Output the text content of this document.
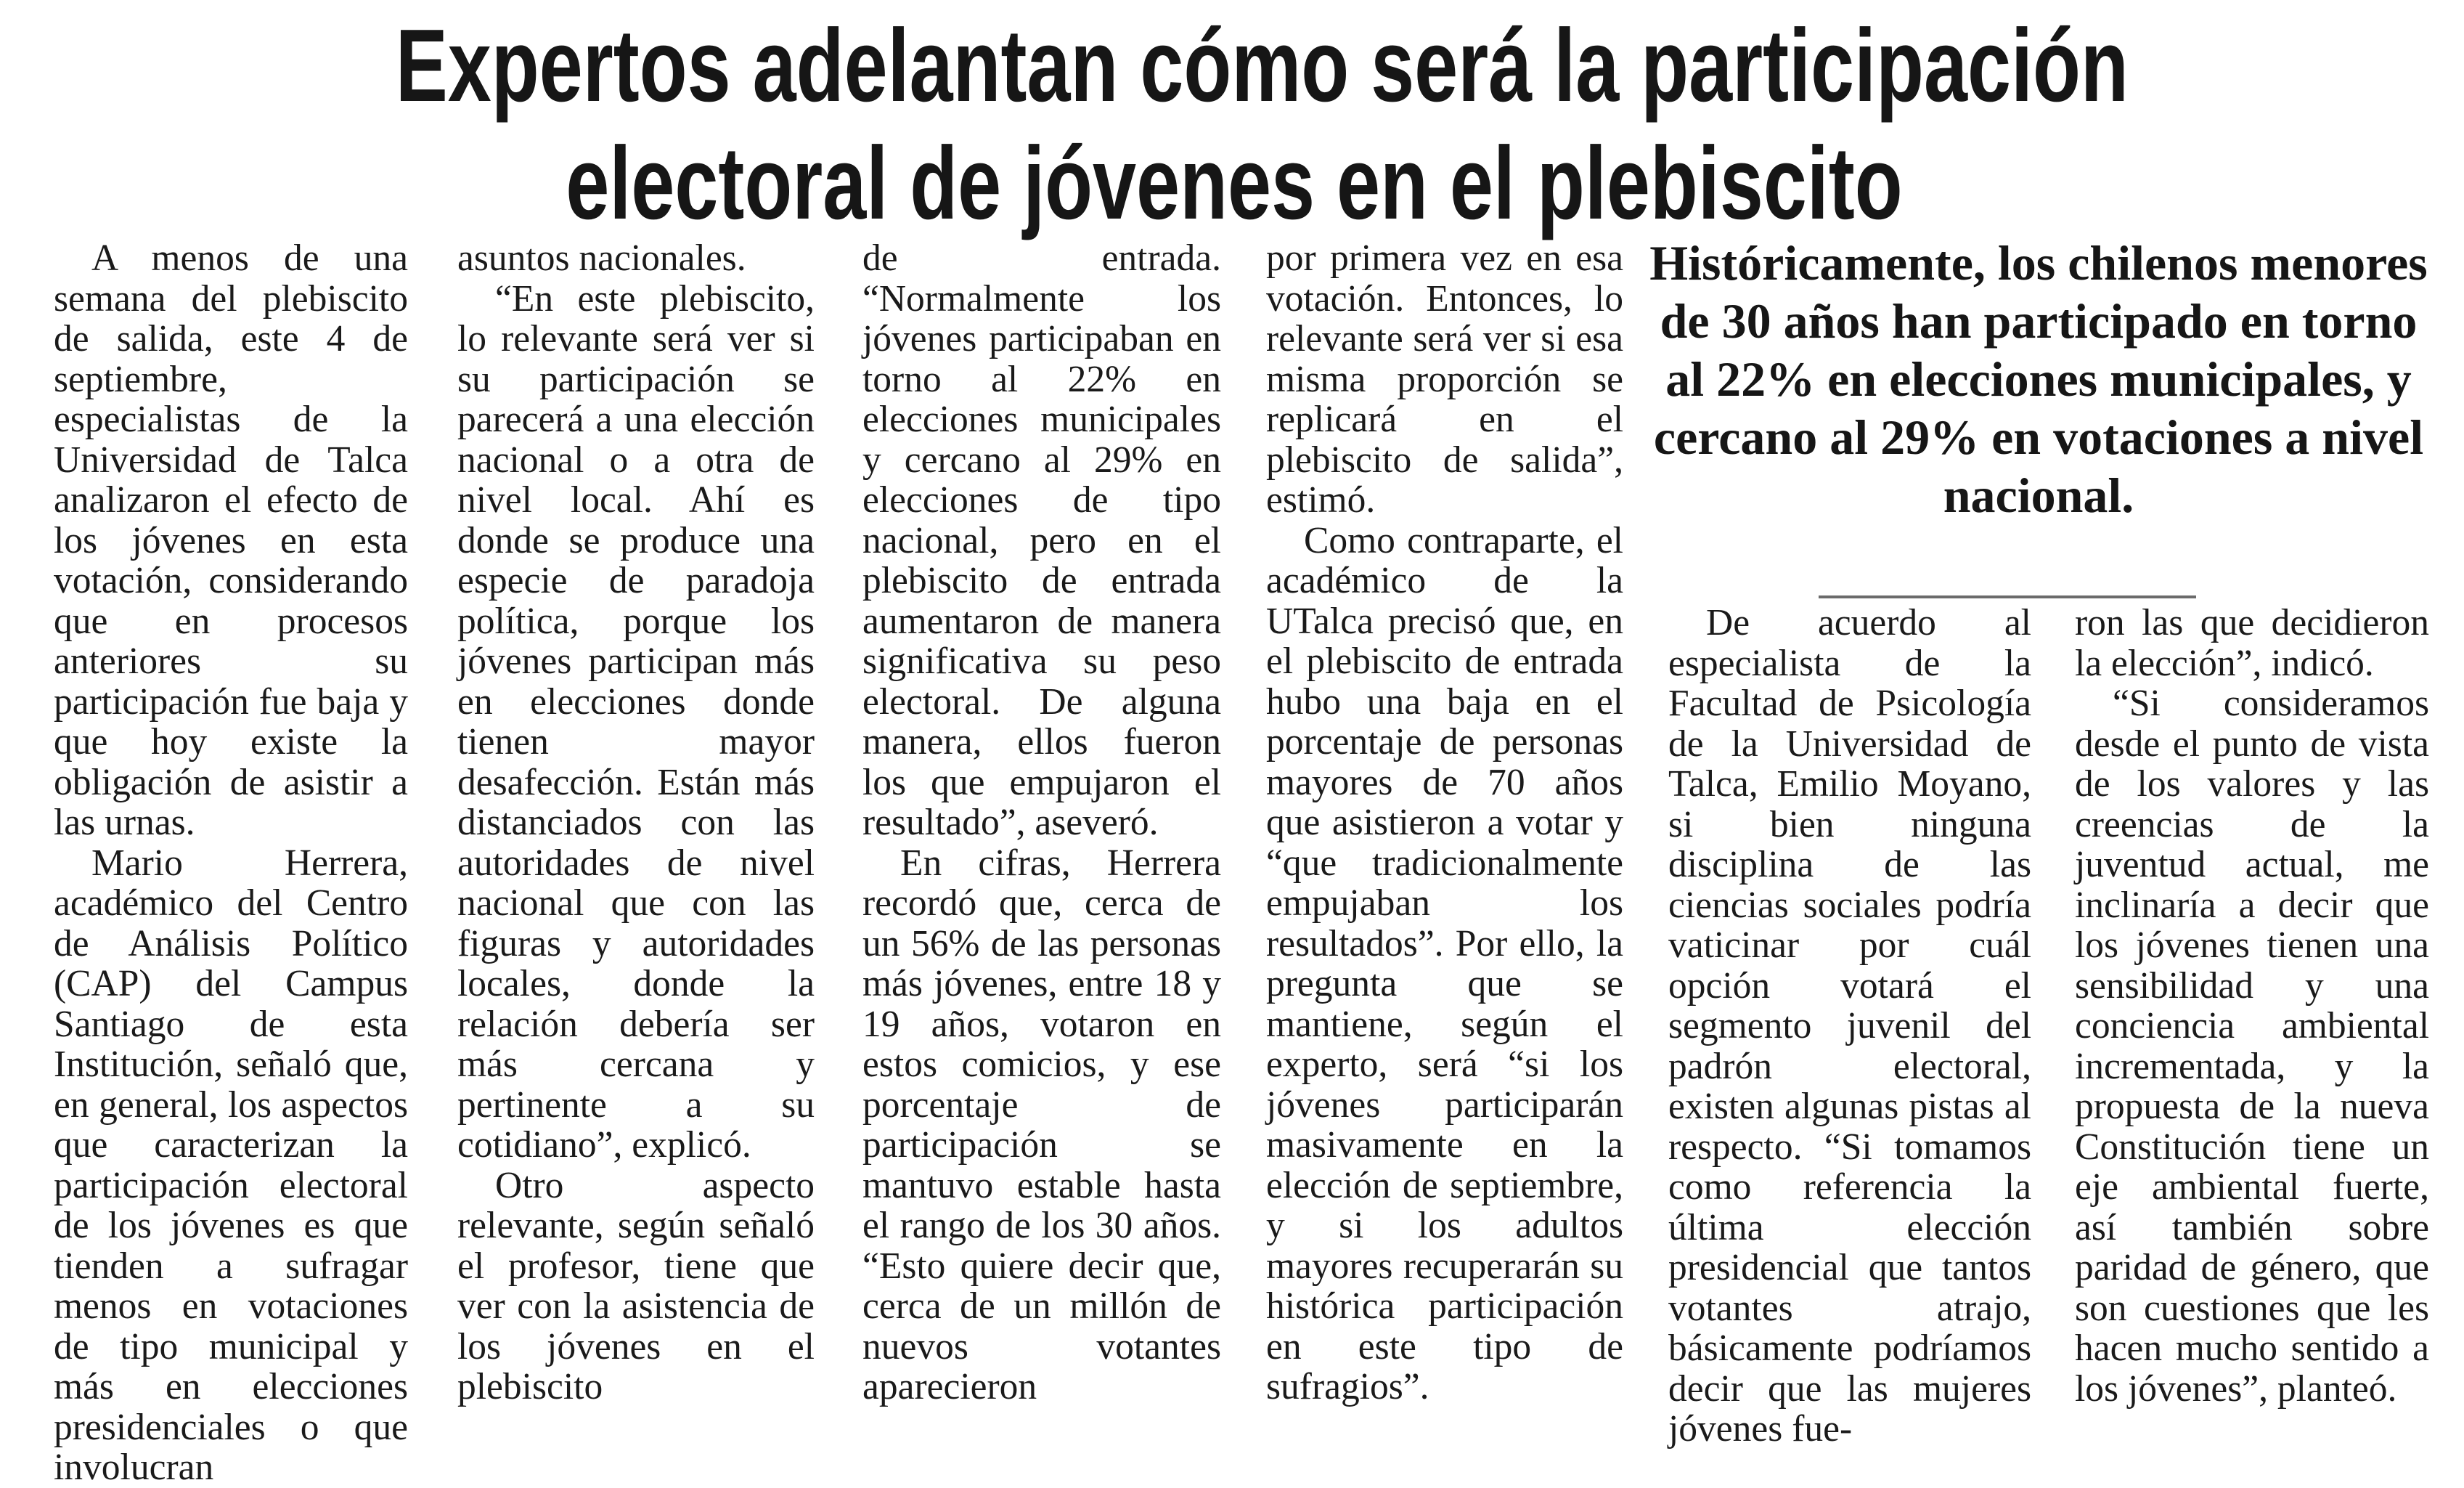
Expertos adelantan cómo será la participación
electoral de jóvenes en el plebiscito

A menos de una semana del plebiscito de salida, este 4 de septiembre, especialistas de la Universidad de Talca analizaron el efecto de los jóvenes en esta votación, considerando que en procesos anteriores su participación fue baja y que hoy existe la obligación de asistir a las urnas.

Mario Herrera, académico del Centro de Análisis Político (CAP) del Campus Santiago de esta Institución, señaló que, en general, los aspectos que caracterizan la participación electoral de los jóvenes es que tienden a sufragar menos en votaciones de tipo municipal y más en elecciones presidenciales o que involucran

asuntos nacionales.

“En este plebiscito, lo relevante será ver si su participación se parecerá a una elección nacional o a otra de nivel local. Ahí es donde se produce una especie de paradoja política, porque los jóvenes participan más en elecciones donde tienen mayor desafección. Están más distanciados con las autoridades de nivel nacional que con las figuras y autoridades locales, donde la relación debería ser más cercana y pertinente a su cotidiano”, explicó.

Otro aspecto relevante, según señaló el profesor, tiene que ver con la asistencia de los jóvenes en el plebiscito

de entrada. “Normalmente los jóvenes participaban en torno al 22% en elecciones municipales y cercano al 29% en elecciones de tipo nacional, pero en el plebiscito de entrada aumentaron de manera significativa su peso electoral. De alguna manera, ellos fueron los que empujaron el resultado”, aseveró.

En cifras, Herrera recordó que, cerca de un 56% de las personas más jóvenes, entre 18 y 19 años, votaron en estos comicios, y ese porcentaje de participación se mantuvo estable hasta el rango de los 30 años. “Esto quiere decir que, cerca de un millón de nuevos votantes aparecieron

por primera vez en esa votación. Entonces, lo relevante será ver si esa misma proporción se replicará en el plebiscito de salida”, estimó.

Como contraparte, el académico de la UTalca precisó que, en el plebiscito de entrada hubo una baja en el porcentaje de personas mayores de 70 años que asistieron a votar y “que tradicionalmente empujaban los resultados”. Por ello, la pregunta que se mantiene, según el experto, será “si los jóvenes participarán masivamente en la elección de septiembre, y si los adultos mayores recuperarán su histórica participación en este tipo de sufragios”.

Históricamente, los chilenos menores de 30 años han participado en torno al 22% en elecciones municipales, y cercano al 29% en votaciones a nivel nacional.

De acuerdo al especialista de la Facultad de Psicología de la Universidad de Talca, Emilio Moyano, si bien ninguna disciplina de las ciencias sociales podría vaticinar por cuál opción votará el segmento juvenil del padrón electoral, existen algunas pistas al respecto. “Si tomamos como referencia la última elección presidencial que tantos votantes atrajo, básicamente podríamos decir que las mujeres jóvenes fue-

ron las que decidieron la elección”, indicó.

“Si consideramos desde el punto de vista de los valores y las creencias de la juventud actual, me inclinaría a decir que los jóvenes tienen una sensibilidad y una conciencia ambiental incrementada, y la propuesta de la nueva Constitución tiene un eje ambiental fuerte, así también sobre paridad de género, que son cuestiones que les hacen mucho sentido a los jóvenes”, planteó.
